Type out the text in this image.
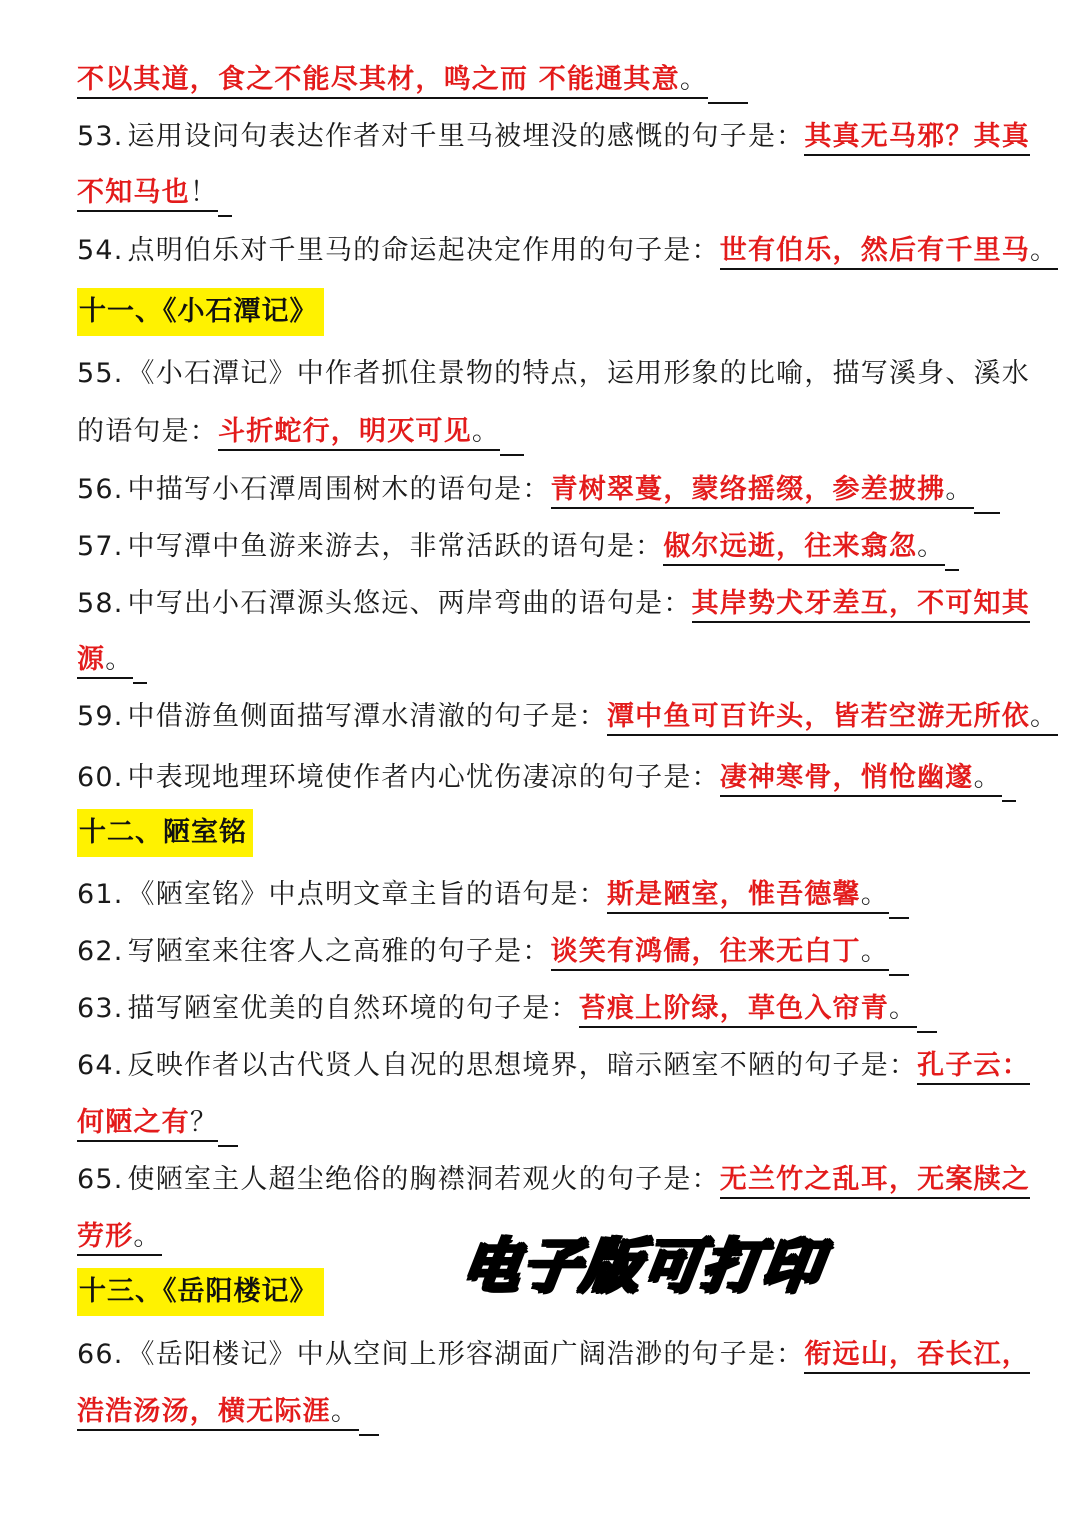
不以其道，食之不能尽其材，鸣之而 不能通其意。
53. 运用设问句表达作者对千里马被埋没的感慨的句子是：其真无马邪？其真
不知马也！
54. 点明伯乐对千里马的命运起决定作用的句子是：世有伯乐，然后有千里马。
十一、《小石潭记》
55. 《小石潭记》中作者抓住景物的特点，运用形象的比喻，描写溪身、溪水
的语句是：斗折蛇行，明灭可见。
56. 中描写小石潭周围树木的语句是：青树翠蔓，蒙络摇缀，参差披拂。
57. 中写潭中鱼游来游去，非常活跃的语句是：俶尔远逝，往来翕忽。
58. 中写出小石潭源头悠远、两岸弯曲的语句是：其岸势犬牙差互，不可知其
源。
59. 中借游鱼侧面描写潭水清澈的句子是：潭中鱼可百许头，皆若空游无所依。
60. 中表现地理环境使作者内心忧伤凄凉的句子是：凄神寒骨，悄怆幽邃。
十二、陋室铭
61. 《陋室铭》中点明文章主旨的语句是：斯是陋室，惟吾德馨。
62. 写陋室来往客人之高雅的句子是：谈笑有鸿儒，往来无白丁。
63. 描写陋室优美的自然环境的句子是：苔痕上阶绿，草色入帘青。
64. 反映作者以古代贤人自况的思想境界，暗示陋室不陋的句子是：孔子云：
何陋之有？
65. 使陋室主人超尘绝俗的胸襟洞若观火的句子是：无兰竹之乱耳，无案牍之
劳形。
十三、《岳阳楼记》
66. 《岳阳楼记》中从空间上形容湖面广阔浩渺的句子是：衔远山，吞长江，
浩浩汤汤，横无际涯。
电子版可打印
